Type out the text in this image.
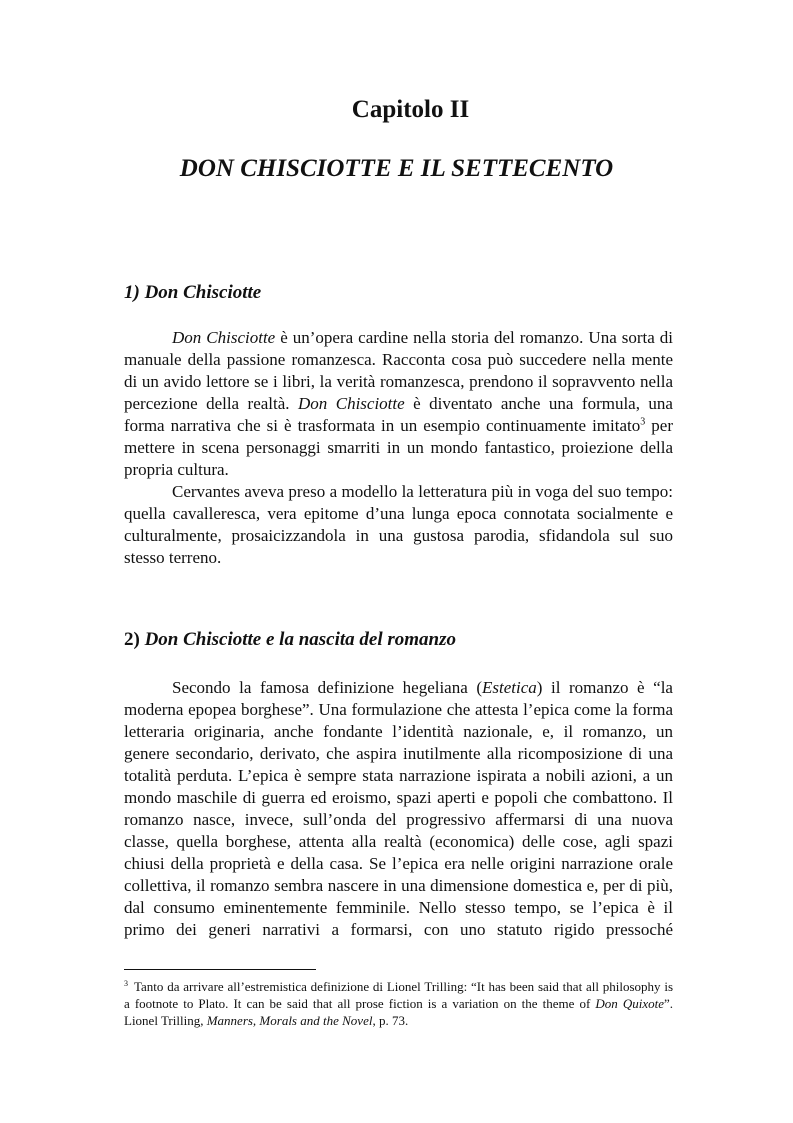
Capitolo II
DON CHISCIOTTE E IL SETTECENTO
1) Don Chisciotte

Don Chisciotte è un’opera cardine nella storia del romanzo. Una sorta di manuale della passione romanzesca. Racconta cosa può succedere nella mente di un avido lettore se i libri, la verità romanzesca, prendono il sopravvento nella percezione della realtà. Don Chisciotte è diventato anche una formula, una forma narrativa che si è trasformata in un esempio continuamente imitato$^3$ per mettere in scena personaggi smarriti in un mondo fantastico, proiezione della propria cultura.

Cervantes aveva preso a modello la letteratura più in voga del suo tempo: quella cavalleresca, vera epitome d’una lunga epoca connotata socialmente e culturalmente, prosaicizzandola in una gustosa parodia, sfidandola sul suo stesso terreno.

2) Don Chisciotte e la nascita del romanzo

Secondo la famosa definizione hegeliana (Estetica) il romanzo è “la moderna epopea borghese”. Una formulazione che attesta l’epica come la forma letteraria originaria, anche fondante l’identità nazionale, e, il romanzo, un genere secondario, derivato, che aspira inutilmente alla ricomposizione di una totalità perduta. L’epica è sempre stata narrazione ispirata a nobili azioni, a un mondo maschile di guerra ed eroismo, spazi aperti e popoli che combattono. Il romanzo nasce, invece, sull’onda del progressivo affermarsi di una nuova classe, quella borghese, attenta alla realtà (economica) delle cose, agli spazi chiusi della proprietà e della casa. Se l’epica era nelle origini narrazione orale collettiva, il romanzo sembra nascere in una dimensione domestica e, per di più, dal consumo eminentemente femminile. Nello stesso tempo, se l’epica è il primo dei generi narrativi a formarsi, con uno statuto rigido pressoché

$^3$ Tanto da arrivare all’estremistica definizione di Lionel Trilling: “It has been said that all philosophy is a footnote to Plato. It can be said that all prose fiction is a variation on the theme of Don Quixote”. Lionel Trilling, Manners, Morals and the Novel, p. 73.
